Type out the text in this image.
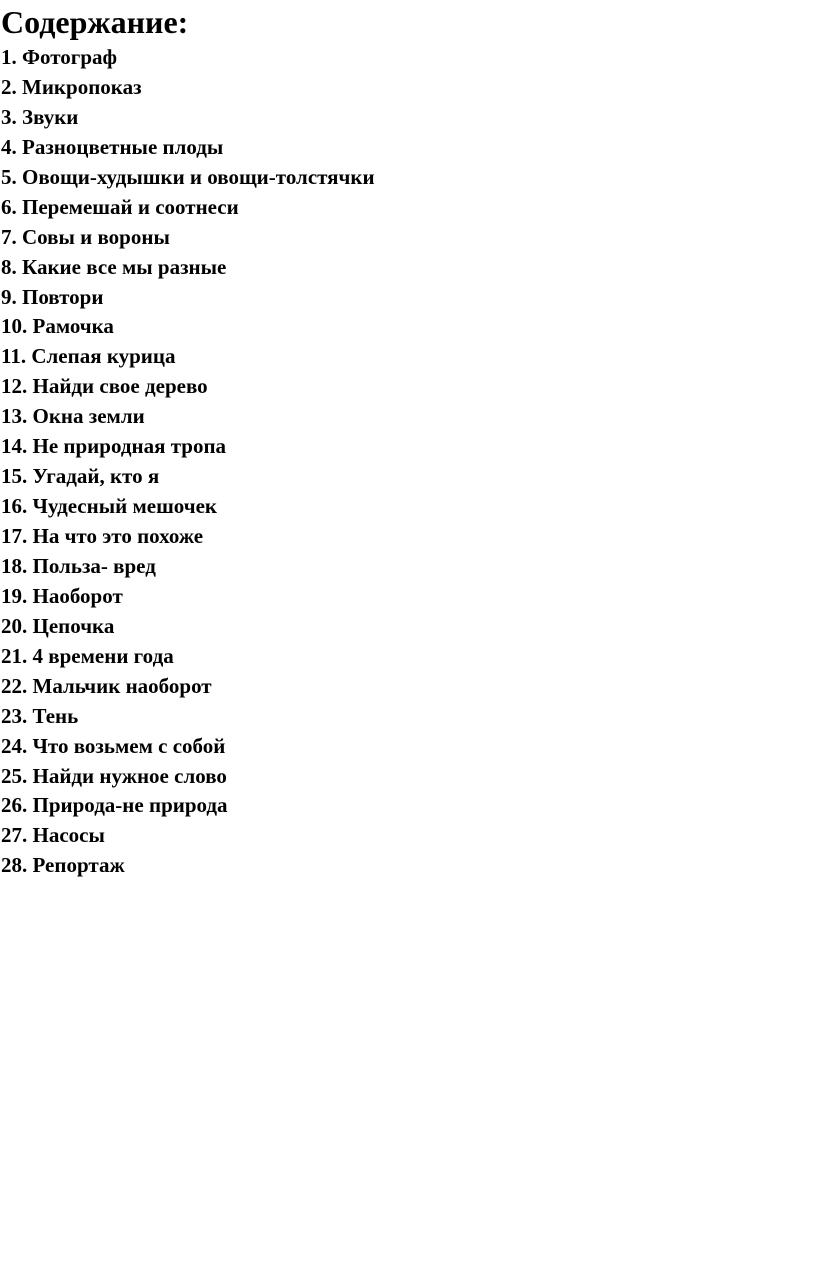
Содержание:
1. Фотограф
2. Микропоказ
3. Звуки
4. Разноцветные плоды
5. Овощи-худышки и овощи-толстячки
6. Перемешай и соотнеси
7. Совы и вороны
8. Какие все мы разные
9. Повтори
10. Рамочка
11. Слепая курица
12. Найди свое дерево
13. Окна земли
14. Не природная тропа
15. Угадай, кто я
16. Чудесный мешочек
17. На что это похоже
18. Польза- вред
19. Наоборот
20. Цепочка
21. 4 времени года
22. Мальчик наоборот
23. Тень
24. Что возьмем с собой
25. Найди нужное слово
26. Природа-не природа
27. Насосы
28. Репортаж
